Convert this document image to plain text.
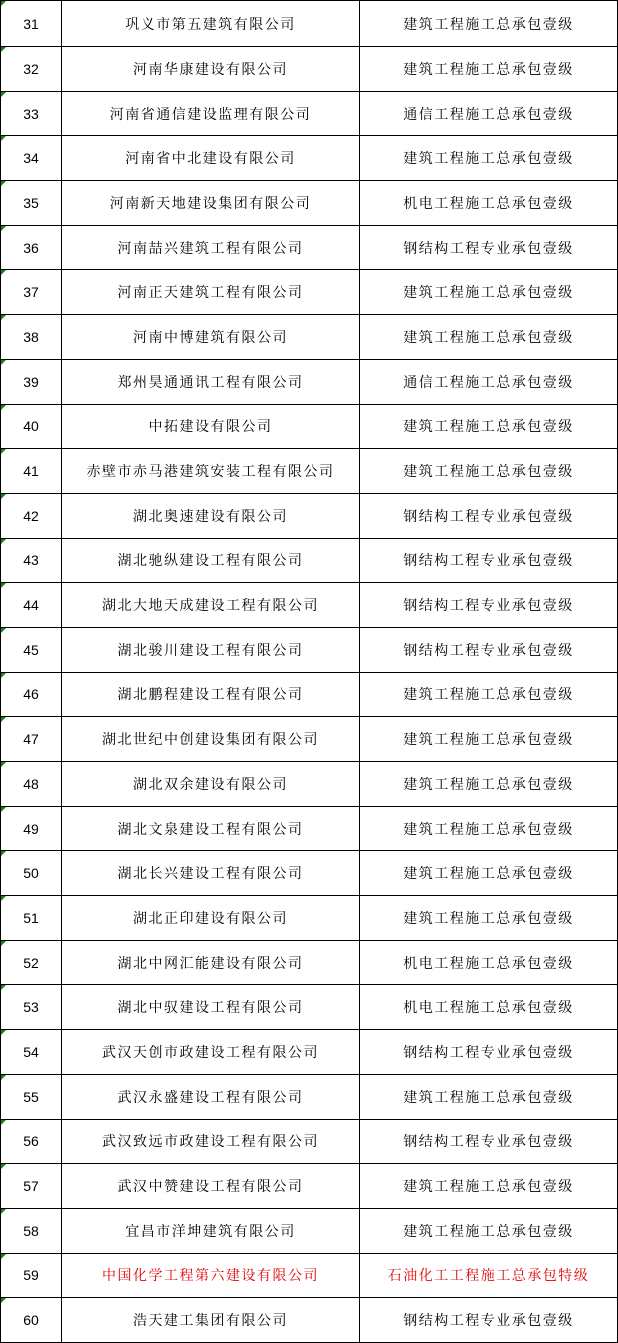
31	巩义市第五建筑有限公司	建筑工程施工总承包壹级
32	河南华康建设有限公司	建筑工程施工总承包壹级
33	河南省通信建设监理有限公司	通信工程施工总承包壹级
34	河南省中北建设有限公司	建筑工程施工总承包壹级
35	河南新天地建设集团有限公司	机电工程施工总承包壹级
36	河南喆兴建筑工程有限公司	钢结构工程专业承包壹级
37	河南正天建筑工程有限公司	建筑工程施工总承包壹级
38	河南中博建筑有限公司	建筑工程施工总承包壹级
39	郑州昊通通讯工程有限公司	通信工程施工总承包壹级
40	中拓建设有限公司	建筑工程施工总承包壹级
41	赤壁市赤马港建筑安装工程有限公司	建筑工程施工总承包壹级
42	湖北奥速建设有限公司	钢结构工程专业承包壹级
43	湖北驰纵建设工程有限公司	钢结构工程专业承包壹级
44	湖北大地天成建设工程有限公司	钢结构工程专业承包壹级
45	湖北骏川建设工程有限公司	钢结构工程专业承包壹级
46	湖北鹏程建设工程有限公司	建筑工程施工总承包壹级
47	湖北世纪中创建设集团有限公司	建筑工程施工总承包壹级
48	湖北双余建设有限公司	建筑工程施工总承包壹级
49	湖北文泉建设工程有限公司	建筑工程施工总承包壹级
50	湖北长兴建设工程有限公司	建筑工程施工总承包壹级
51	湖北正印建设有限公司	建筑工程施工总承包壹级
52	湖北中网汇能建设有限公司	机电工程施工总承包壹级
53	湖北中驭建设工程有限公司	机电工程施工总承包壹级
54	武汉天创市政建设工程有限公司	钢结构工程专业承包壹级
55	武汉永盛建设工程有限公司	建筑工程施工总承包壹级
56	武汉致远市政建设工程有限公司	钢结构工程专业承包壹级
57	武汉中赞建设工程有限公司	建筑工程施工总承包壹级
58	宜昌市洋坤建筑有限公司	建筑工程施工总承包壹级
59	中国化学工程第六建设有限公司	石油化工工程施工总承包特级
60	浩天建工集团有限公司	钢结构工程专业承包壹级
